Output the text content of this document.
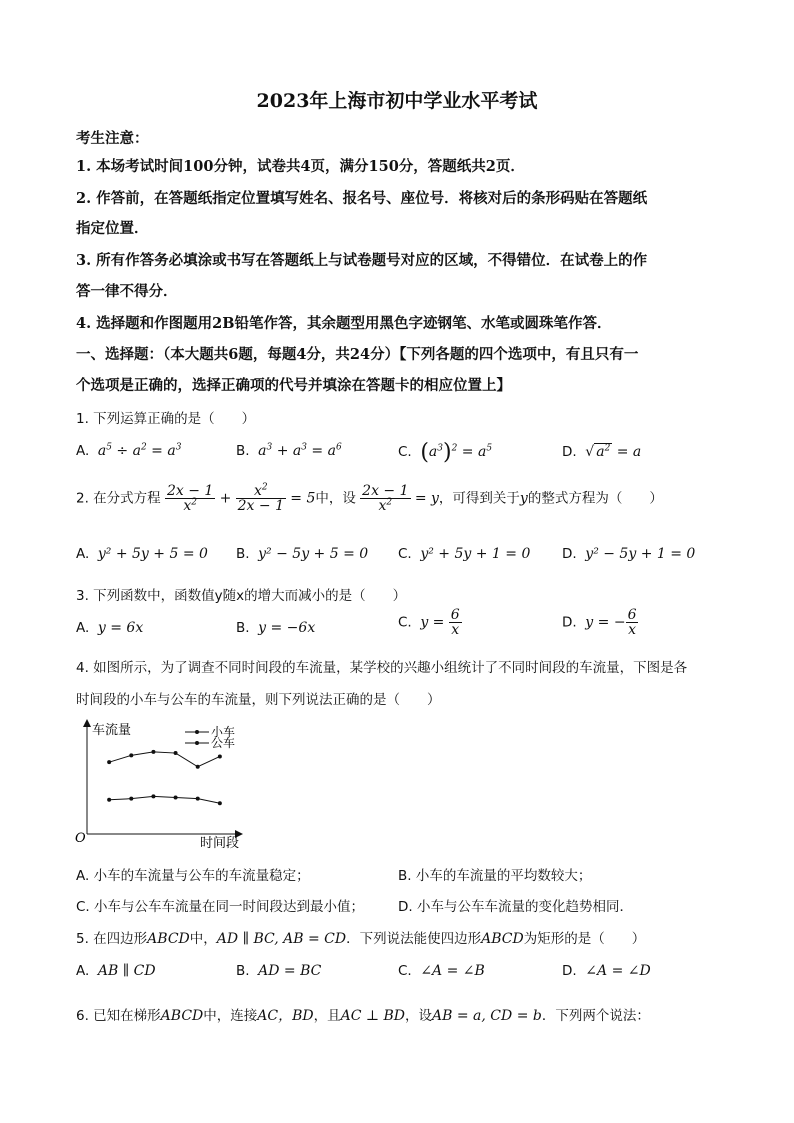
2023年上海市初中学业水平考试
考生注意：
1. 本场考试时间100分钟，试卷共4页，满分150分，答题纸共2页．
2. 作答前，在答题纸指定位置填写姓名、报名号、座位号．将核对后的条形码贴在答题纸
指定位置．
3. 所有作答务必填涂或书写在答题纸上与试卷题号对应的区域，不得错位．在试卷上的作
答一律不得分．
4. 选择题和作图题用2B铅笔作答，其余题型用黑色字迹钢笔、水笔或圆珠笔作答．
一、选择题：（本大题共6题，每题4分，共24分）【下列各题的四个选项中，有且只有一
个选项是正确的，选择正确项的代号并填涂在答题卡的相应位置上】
1. 下列运算正确的是（　　）
A. $a^5 \div a^2 = a^3$	B. $a^3 + a^3 = a^6$	C. $(a^3)^2 = a^5$	D. √ $a^2 = a$
2. 在分式方程 $\frac{2x - 1}{x^2} + \frac{x^2}{2x - 1} = 5$中，设 $\frac{2x - 1}{x^2} = y$，可得到关于y的整式方程为（　　）
A.  y² + 5y + 5 = 0 B.  y² − 5y + 5 = 0 C.  y² + 5y + 1 = 0 D.  y² − 5y + 1 = 0
3. 下列函数中，函数值y随x的增大而减小的是（　　）
A.  y = 6x	B.  y = −6x	C.  $y = \frac{6}{x}$	D.  y = − $\frac{6}{x}$
4. 如图所示，为了调查不同时间段的车流量，某学校的兴趣小组统计了不同时间段的车流量，下图是各
时间段的小车与公车的车流量，则下列说法正确的是（　　）
车流量
时间段
O
小车
公车
A. 小车的车流量与公车的车流量稳定；	B. 小车的车流量的平均数较大；
C. 小车与公车车流量在同一时间段达到最小值；	D. 小车与公车车流量的变化趋势相同．
5. 在四边形ABCD中，AD ∥ BC, AB = CD．下列说法能使四边形ABCD为矩形的是（　　）
A.  AB ∥ CD	B.  AD = BC	C.  ∠A = ∠B	D.  ∠A = ∠D
6. 已知在梯形ABCD中，连接AC，BD，且AC ⊥ BD，设AB = a, CD = b．下列两个说法：
